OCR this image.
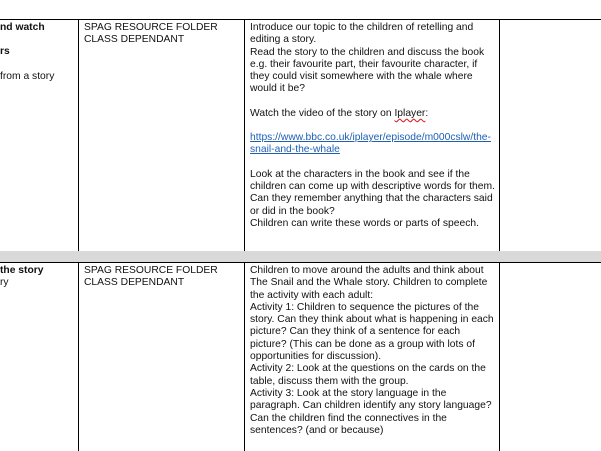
nd watch

rs

from a story

SPAG RESOURCE FOLDER

CLASS DEPENDANT

Introduce our topic to the children of retelling and
editing a story.
Read the story to the children and discuss the book
e.g. their favourite part, their favourite character, if
they could visit somewhere with the whale where
would it be?

Watch the video of the story on Iplayer:

https://www.bbc.co.uk/iplayer/episode/m000cslw/the-
snail-and-the-whale

Look at the characters in the book and see if the
children can come up with descriptive words for them.
Can they remember anything that the characters said
or did in the book?
Children can write these words or parts of speech.

the story

ry

SPAG RESOURCE FOLDER

CLASS DEPENDANT

Children to move around the adults and think about
The Snail and the Whale story. Children to complete
the activity with each adult:
Activity 1: Children to sequence the pictures of the
story. Can they think about what is happening in each
picture? Can they think of a sentence for each
picture? (This can be done as a group with lots of
opportunities for discussion).
Activity 2: Look at the questions on the cards on the
table, discuss them with the group.
Activity 3: Look at the story language in the
paragraph. Can children identify any story language?
Can the children find the connectives in the
sentences? (and or because)
